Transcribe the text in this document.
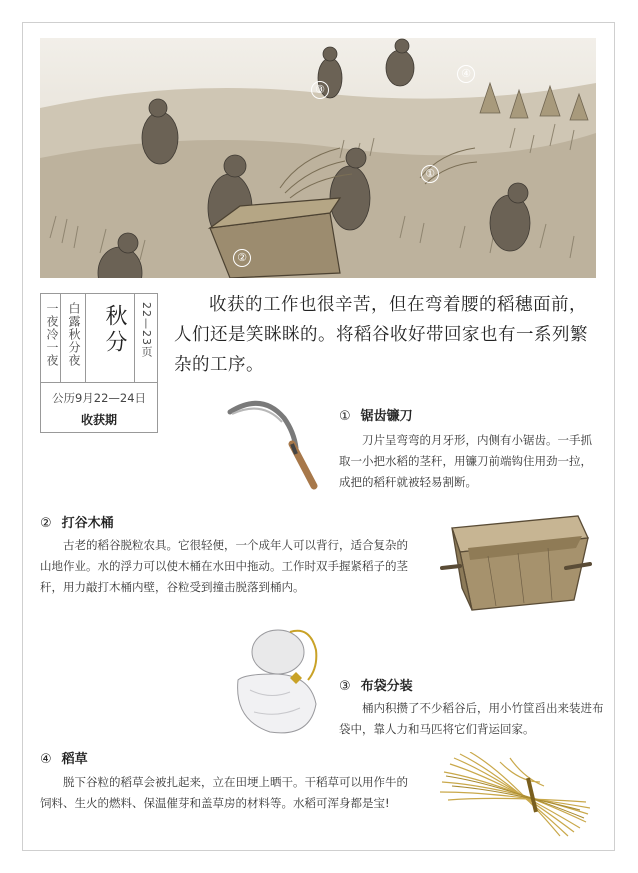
①
②
③
④
一夜冷一夜 白露秋分夜 秋分 22—23页
公历9月22—24日
收获期

收获的工作也很辛苦，但在弯着腰的稻穗面前，人们还是笑眯眯的。将稻谷收好带回家也有一系列繁杂的工序。

① 锯齿镰刀

刀片呈弯弯的月牙形，内侧有小锯齿。一手抓取一小把水稻的茎秆，用镰刀前端钩住用劲一拉，成把的稻秆就被轻易割断。

② 打谷木桶

古老的稻谷脱粒农具。它很轻便，一个成年人可以背行，适合复杂的山地作业。水的浮力可以使木桶在水田中拖动。工作时双手握紧稻子的茎秆，用力敲打木桶内壁，谷粒受到撞击脱落到桶内。

③ 布袋分装

桶内积攒了不少稻谷后，用小竹筐舀出来装进布袋中，靠人力和马匹将它们背运回家。

④ 稻草

脱下谷粒的稻草会被扎起来，立在田埂上晒干。干稻草可以用作牛的饲料、生火的燃料、保温催芽和盖草房的材料等。水稻可浑身都是宝!
